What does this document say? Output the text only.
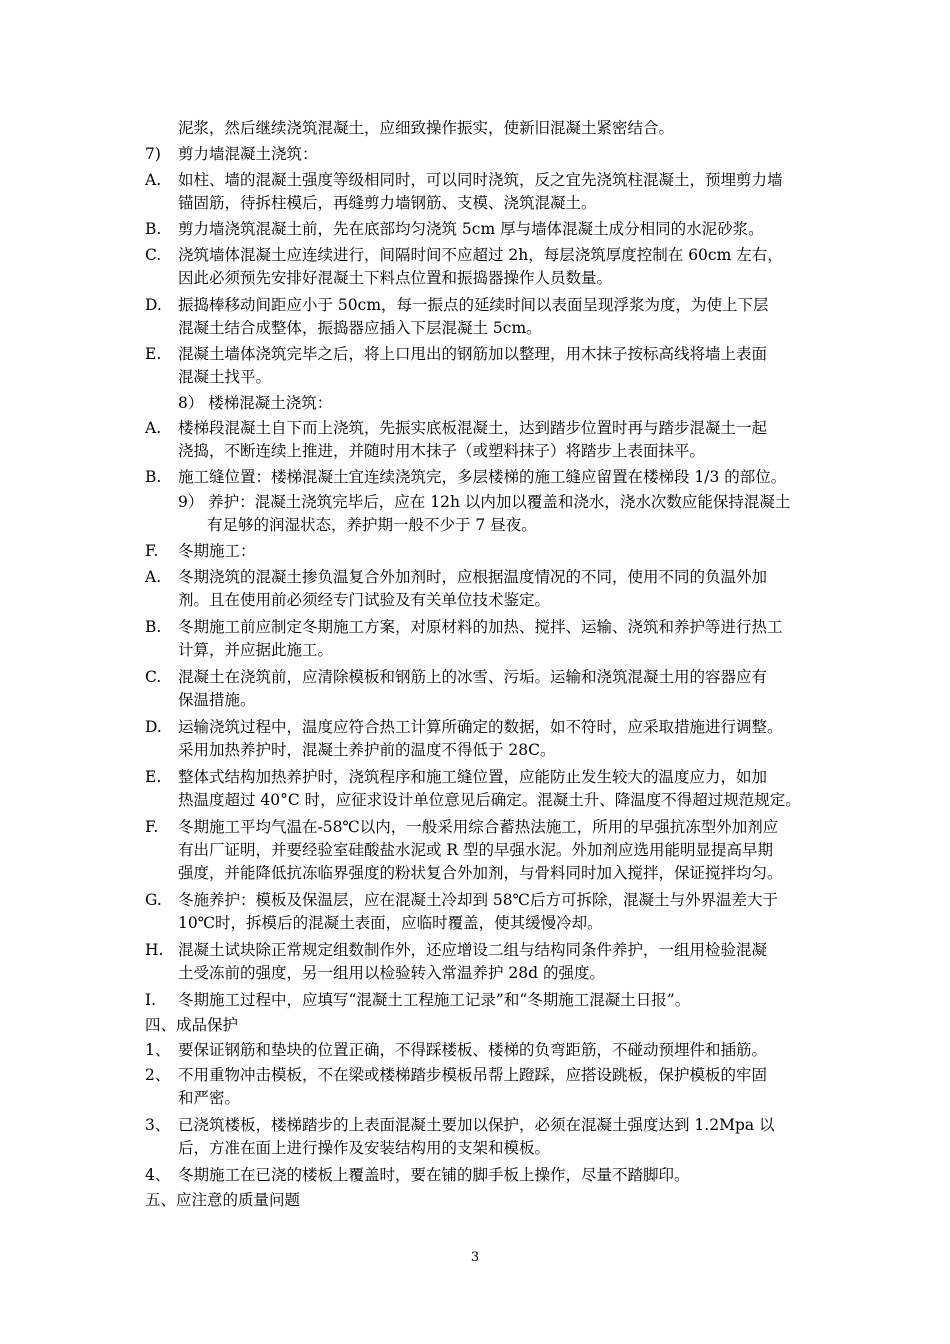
泥浆，然后继续浇筑混凝土，应细致操作振实，使新旧混凝土紧密结合。
7) 剪力墙混凝土浇筑：
A. 如柱、墙的混凝土强度等级相同时，可以同时浇筑，反之宜先浇筑柱混凝土，预埋剪力墙
锚固筋，待拆柱模后，再缝剪力墙钢筋、支模、浇筑混凝土。
B. 剪力墙浇筑混凝土前，先在底部均匀浇筑 5cm 厚与墙体混凝土成分相同的水泥砂浆。
C. 浇筑墙体混凝土应连续进行，间隔时间不应超过 2h，每层浇筑厚度控制在 60cm 左右，
因此必须预先安排好混凝土下料点位置和振捣器操作人员数量。
D. 振捣棒移动间距应小于 50cm，每一振点的延续时间以表面呈现浮浆为度，为使上下层
混凝土结合成整体，振捣器应插入下层混凝土 5cm。
E. 混凝土墙体浇筑完毕之后，将上口甩出的钢筋加以整理，用木抹子按标高线将墙上表面
混凝土找平。
8） 楼梯混凝土浇筑：
A. 楼梯段混凝土自下而上浇筑，先振实底板混凝土，达到踏步位置时再与踏步混凝土一起
浇捣，不断连续上推进，并随时用木抹子（或塑料抹子）将踏步上表面抹平。
B. 施工缝位置：楼梯混凝土宜连续浇筑完，多层楼梯的施工缝应留置在楼梯段 1/3 的部位。
9） 养护：混凝土浇筑完毕后，应在 12h 以内加以覆盖和浇水，浇水次数应能保持混凝土
有足够的润湿状态，养护期一般不少于 7 昼夜。
F. 冬期施工：
A. 冬期浇筑的混凝土掺负温复合外加剂时，应根据温度情况的不同，使用不同的负温外加
剂。且在使用前必须经专门试验及有关单位技术鉴定。
B. 冬期施工前应制定冬期施工方案，对原材料的加热、搅拌、运输、浇筑和养护等进行热工
计算，并应据此施工。
C. 混凝土在浇筑前，应清除模板和钢筋上的冰雪、污垢。运输和浇筑混凝土用的容器应有
保温措施。
D. 运输浇筑过程中，温度应符合热工计算所确定的数据，如不符时，应采取措施进行调整。
采用加热养护时，混凝土养护前的温度不得低于 28C。
E. 整体式结构加热养护时，浇筑程序和施工缝位置，应能防止发生较大的温度应力，如加
热温度超过 40°C 时，应征求设计单位意见后确定。混凝土升、降温度不得超过规范规定。
F. 冬期施工平均气温在-58℃以内，一般采用综合蓄热法施工，所用的早强抗冻型外加剂应
有出厂证明，并要经验室硅酸盐水泥或 R 型的早强水泥。外加剂应选用能明显提高早期
强度，并能降低抗冻临界强度的粉状复合外加剂，与骨料同时加入搅拌，保证搅拌均匀。
G. 冬施养护：模板及保温层，应在混凝土冷却到 58℃后方可拆除，混凝土与外界温差大于
10℃时，拆模后的混凝土表面，应临时覆盖，使其缓慢冷却。
H. 混凝土试块除正常规定组数制作外，还应增设二组与结构同条件养护，一组用检验混凝
土受冻前的强度，另一组用以检验转入常温养护 28d 的强度。
I. 冬期施工过程中，应填写“混凝土工程施工记录”和“冬期施工混凝土日报”。
四、成品保护
1、 要保证钢筋和垫块的位置正确，不得踩楼板、楼梯的负弯距筋，不碰动预埋件和插筋。
2、 不用重物冲击模板，不在梁或楼梯踏步模板吊帮上蹬踩，应搭设跳板，保护模板的牢固
和严密。
3、 已浇筑楼板，楼梯踏步的上表面混凝土要加以保护，必须在混凝土强度达到 1.2Mpa 以
后，方准在面上进行操作及安装结构用的支架和模板。
4、 冬期施工在已浇的楼板上覆盖时，要在铺的脚手板上操作，尽量不踏脚印。
五、应注意的质量问题
3
